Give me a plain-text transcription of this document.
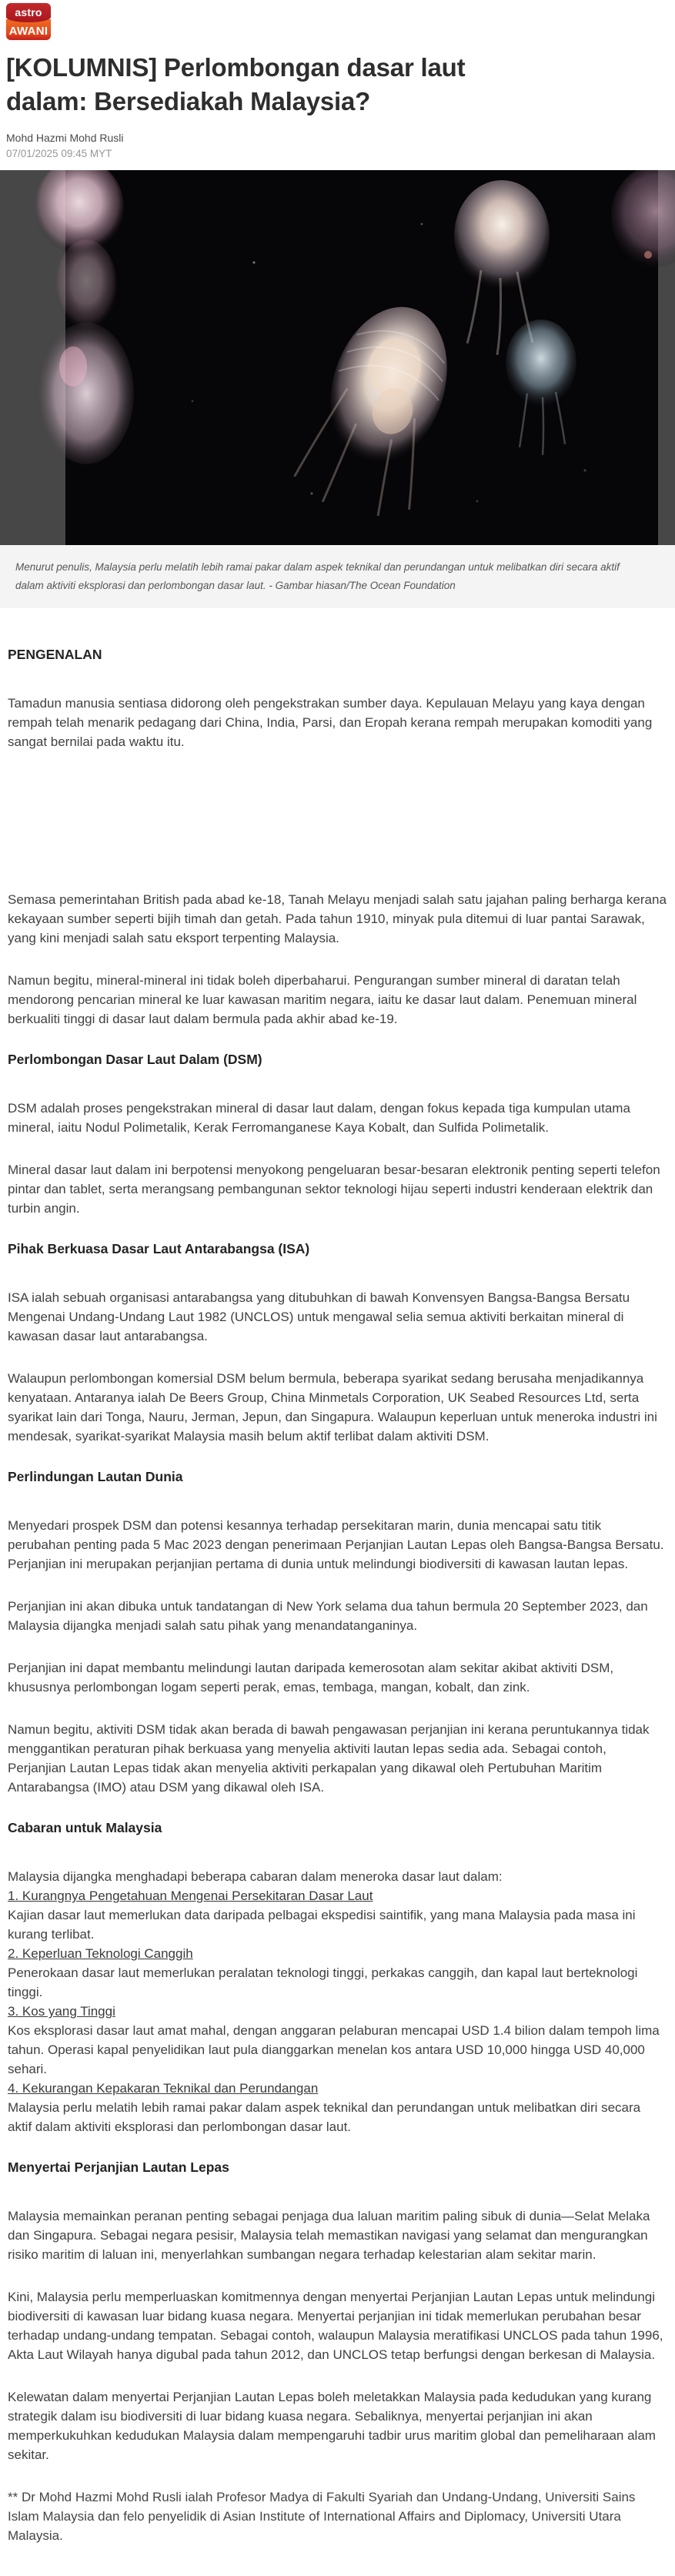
astro
AWANI
[KOLUMNIS] Perlombongan dasar laut dalam: Bersediakah Malaysia?

Mohd Hazmi Mohd Rusli

07/01/2025 09:45 MYT

Menurut penulis, Malaysia perlu melatih lebih ramai pakar dalam aspek teknikal dan perundangan untuk melibatkan diri secara aktif dalam aktiviti eksplorasi dan perlombongan dasar laut. - Gambar hiasan/The Ocean Foundation

PENGENALAN

Tamadun manusia sentiasa didorong oleh pengekstrakan sumber daya. Kepulauan Melayu yang kaya dengan rempah telah menarik pedagang dari China, India, Parsi, dan Eropah kerana rempah merupakan komoditi yang sangat bernilai pada waktu itu.

Semasa pemerintahan British pada abad ke-18, Tanah Melayu menjadi salah satu jajahan paling berharga kerana kekayaan sumber seperti bijih timah dan getah. Pada tahun 1910, minyak pula ditemui di luar pantai Sarawak, yang kini menjadi salah satu eksport terpenting Malaysia.

Namun begitu, mineral-mineral ini tidak boleh diperbaharui. Pengurangan sumber mineral di daratan telah mendorong pencarian mineral ke luar kawasan maritim negara, iaitu ke dasar laut dalam. Penemuan mineral berkualiti tinggi di dasar laut dalam bermula pada akhir abad ke-19.

Perlombongan Dasar Laut Dalam (DSM)

DSM adalah proses pengekstrakan mineral di dasar laut dalam, dengan fokus kepada tiga kumpulan utama mineral, iaitu Nodul Polimetalik, Kerak Ferromanganese Kaya Kobalt, dan Sulfida Polimetalik.

Mineral dasar laut dalam ini berpotensi menyokong pengeluaran besar-besaran elektronik penting seperti telefon pintar dan tablet, serta merangsang pembangunan sektor teknologi hijau seperti industri kenderaan elektrik dan turbin angin.

Pihak Berkuasa Dasar Laut Antarabangsa (ISA)

ISA ialah sebuah organisasi antarabangsa yang ditubuhkan di bawah Konvensyen Bangsa-Bangsa Bersatu Mengenai Undang-Undang Laut 1982 (UNCLOS) untuk mengawal selia semua aktiviti berkaitan mineral di kawasan dasar laut antarabangsa.

Walaupun perlombongan komersial DSM belum bermula, beberapa syarikat sedang berusaha menjadikannya kenyataan. Antaranya ialah De Beers Group, China Minmetals Corporation, UK Seabed Resources Ltd, serta syarikat lain dari Tonga, Nauru, Jerman, Jepun, dan Singapura. Walaupun keperluan untuk meneroka industri ini mendesak, syarikat-syarikat Malaysia masih belum aktif terlibat dalam aktiviti DSM.

Perlindungan Lautan Dunia

Menyedari prospek DSM dan potensi kesannya terhadap persekitaran marin, dunia mencapai satu titik perubahan penting pada 5 Mac 2023 dengan penerimaan Perjanjian Lautan Lepas oleh Bangsa-Bangsa Bersatu. Perjanjian ini merupakan perjanjian pertama di dunia untuk melindungi biodiversiti di kawasan lautan lepas.

Perjanjian ini akan dibuka untuk tandatangan di New York selama dua tahun bermula 20 September 2023, dan Malaysia dijangka menjadi salah satu pihak yang menandatanganinya.

Perjanjian ini dapat membantu melindungi lautan daripada kemerosotan alam sekitar akibat aktiviti DSM, khususnya perlombongan logam seperti perak, emas, tembaga, mangan, kobalt, dan zink.

Namun begitu, aktiviti DSM tidak akan berada di bawah pengawasan perjanjian ini kerana peruntukannya tidak menggantikan peraturan pihak berkuasa yang menyelia aktiviti lautan lepas sedia ada. Sebagai contoh, Perjanjian Lautan Lepas tidak akan menyelia aktiviti perkapalan yang dikawal oleh Pertubuhan Maritim Antarabangsa (IMO) atau DSM yang dikawal oleh ISA.

Cabaran untuk Malaysia

Malaysia dijangka menghadapi beberapa cabaran dalam meneroka dasar laut dalam:

1. Kurangnya Pengetahuan Mengenai Persekitaran Dasar Laut

Kajian dasar laut memerlukan data daripada pelbagai ekspedisi saintifik, yang mana Malaysia pada masa ini kurang terlibat.

2. Keperluan Teknologi Canggih

Penerokaan dasar laut memerlukan peralatan teknologi tinggi, perkakas canggih, dan kapal laut berteknologi tinggi.

3. Kos yang Tinggi

Kos eksplorasi dasar laut amat mahal, dengan anggaran pelaburan mencapai USD 1.4 bilion dalam tempoh lima tahun. Operasi kapal penyelidikan laut pula dianggarkan menelan kos antara USD 10,000 hingga USD 40,000 sehari.

4. Kekurangan Kepakaran Teknikal dan Perundangan

Malaysia perlu melatih lebih ramai pakar dalam aspek teknikal dan perundangan untuk melibatkan diri secara aktif dalam aktiviti eksplorasi dan perlombongan dasar laut.

Menyertai Perjanjian Lautan Lepas

Malaysia memainkan peranan penting sebagai penjaga dua laluan maritim paling sibuk di dunia—Selat Melaka dan Singapura. Sebagai negara pesisir, Malaysia telah memastikan navigasi yang selamat dan mengurangkan risiko maritim di laluan ini, menyerlahkan sumbangan negara terhadap kelestarian alam sekitar marin.

Kini, Malaysia perlu memperluaskan komitmennya dengan menyertai Perjanjian Lautan Lepas untuk melindungi biodiversiti di kawasan luar bidang kuasa negara. Menyertai perjanjian ini tidak memerlukan perubahan besar terhadap undang-undang tempatan. Sebagai contoh, walaupun Malaysia meratifikasi UNCLOS pada tahun 1996, Akta Laut Wilayah hanya digubal pada tahun 2012, dan UNCLOS tetap berfungsi dengan berkesan di Malaysia.

Kelewatan dalam menyertai Perjanjian Lautan Lepas boleh meletakkan Malaysia pada kedudukan yang kurang strategik dalam isu biodiversiti di luar bidang kuasa negara. Sebaliknya, menyertai perjanjian ini akan memperkukuhkan kedudukan Malaysia dalam mempengaruhi tadbir urus maritim global dan pemeliharaan alam sekitar.

** Dr Mohd Hazmi Mohd Rusli ialah Profesor Madya di Fakulti Syariah dan Undang-Undang, Universiti Sains Islam Malaysia dan felo penyelidik di Asian Institute of International Affairs and Diplomacy, Universiti Utara Malaysia.
